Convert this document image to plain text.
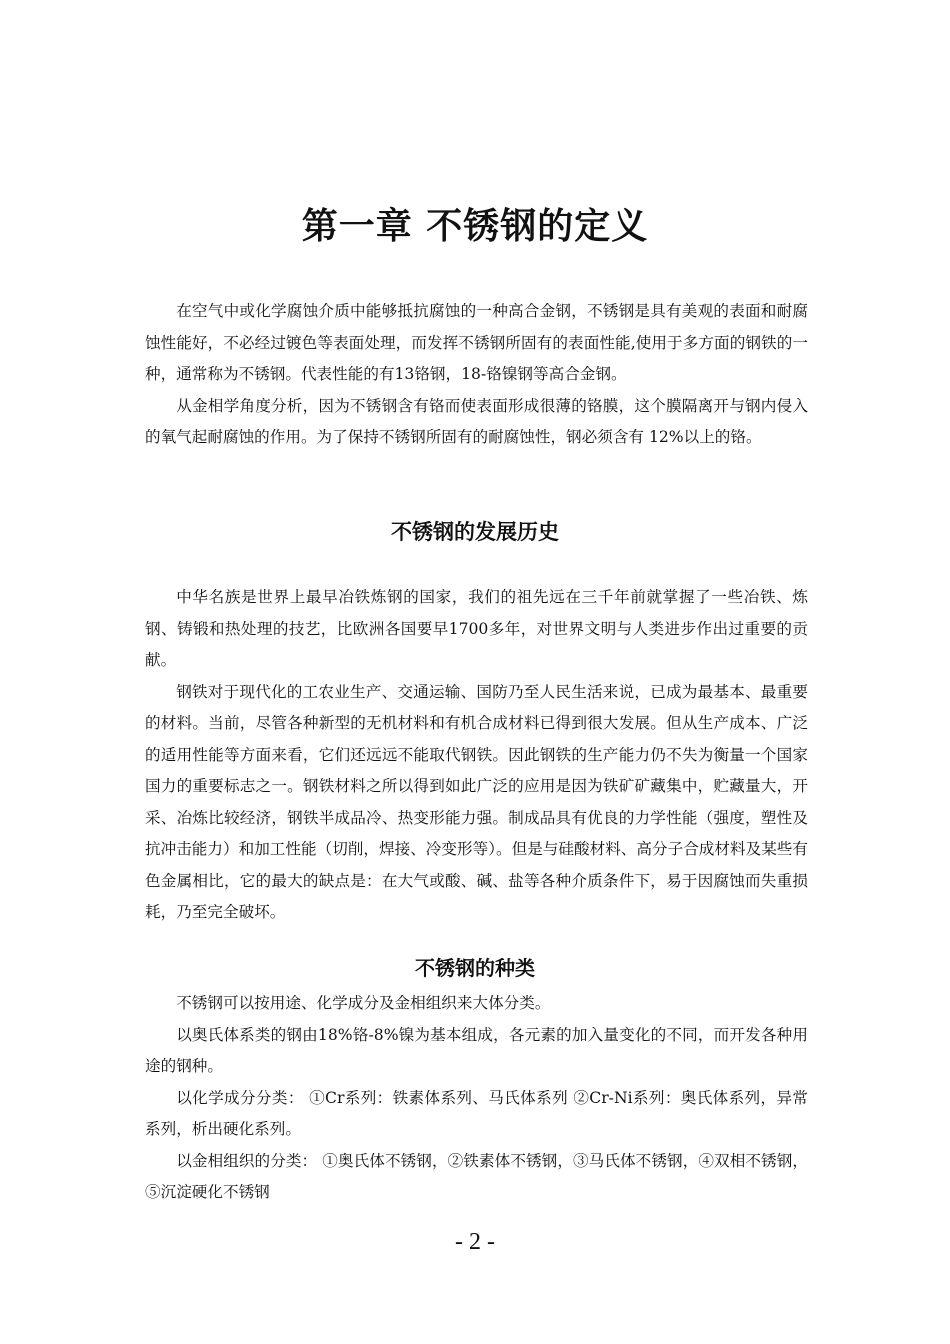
第一章 不锈钢的定义

在空气中或化学腐蚀介质中能够抵抗腐蚀的一种高合金钢，不锈钢是具有美观的表面和耐腐蚀性能好，不必经过镀色等表面处理，而发挥不锈钢所固有的表面性能,使用于多方面的钢铁的一种，通常称为不锈钢。代表性能的有13铬钢，18-铬镍钢等高合金钢。

从金相学角度分析，因为不锈钢含有铬而使表面形成很薄的铬膜，这个膜隔离开与钢内侵入的氧气起耐腐蚀的作用。为了保持不锈钢所固有的耐腐蚀性，钢必须含有 12%以上的铬。

不锈钢的发展历史

中华名族是世界上最早冶铁炼钢的国家，我们的祖先远在三千年前就掌握了一些冶铁、炼钢、铸锻和热处理的技艺，比欧洲各国要早1700多年，对世界文明与人类进步作出过重要的贡献。

钢铁对于现代化的工农业生产、交通运输、国防乃至人民生活来说，已成为最基本、最重要的材料。当前，尽管各种新型的无机材料和有机合成材料已得到很大发展。但从生产成本、广泛的适用性能等方面来看，它们还远远不能取代钢铁。因此钢铁的生产能力仍不失为衡量一个国家国力的重要标志之一。钢铁材料之所以得到如此广泛的应用是因为铁矿矿藏集中，贮藏量大，开采、冶炼比较经济，钢铁半成品冷、热变形能力强。制成品具有优良的力学性能（强度，塑性及抗冲击能力）和加工性能（切削，焊接、冷变形等）。但是与硅酸材料、高分子合成材料及某些有色金属相比，它的最大的缺点是：在大气或酸、碱、盐等各种介质条件下，易于因腐蚀而失重损耗，乃至完全破坏。

不锈钢的种类

不锈钢可以按用途、化学成分及金相组织来大体分类。

以奥氏体系类的钢由18%铬-8%镍为基本组成，各元素的加入量变化的不同，而开发各种用途的钢种。

以化学成分分类： ①Cr系列：铁素体系列、马氏体系列 ②Cr-Ni系列：奥氏体系列，异常系列，析出硬化系列。

以金相组织的分类： ①奥氏体不锈钢，②铁素体不锈钢，③马氏体不锈钢，④双相不锈钢，⑤沉淀硬化不锈钢

- 2 -
